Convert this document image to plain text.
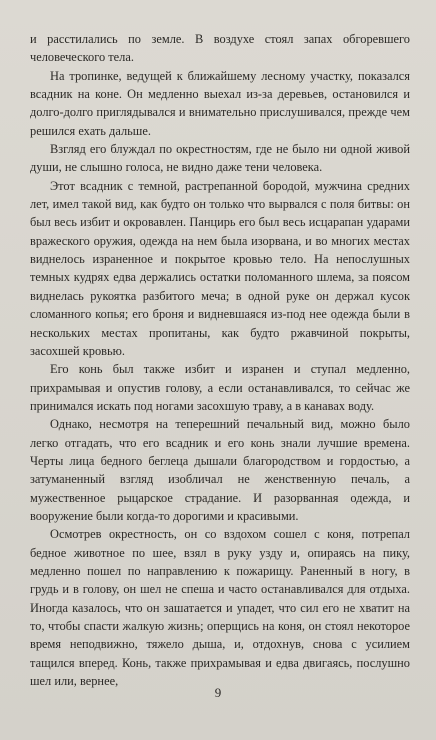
и расстилались по земле. В воздухе стоял запах обгоревшего человеческого тела.

На тропинке, ведущей к ближайшему лесному участку, показался всадник на коне. Он медленно выехал из-за деревьев, остановился и долго-долго приглядывался и внимательно прислушивался, прежде чем решился ехать дальше.

Взгляд его блуждал по окрестностям, где не было ни одной живой души, не слышно голоса, не видно даже тени человека.

Этот всадник с темной, растрепанной бородой, мужчина средних лет, имел такой вид, как будто он только что вырвался с поля битвы: он был весь избит и окровавлен. Панцирь его был весь исцарапан ударами вражеского оружия, одежда на нем была изорвана, и во многих местах виднелось израненное и покрытое кровью тело. На непослушных темных кудрях едва держались остатки поломанного шлема, за поясом виднелась рукоятка разбитого меча; в одной руке он держал кусок сломанного копья; его броня и видневшаяся из-под нее одежда были в нескольких местах пропитаны, как будто ржавчиной покрыты, засохшей кровью.

Его конь был также избит и изранен и ступал медленно, прихрамывая и опустив голову, а если останавливался, то сейчас же принимался искать под ногами засохшую траву, а в канавах воду.

Однако, несмотря на теперешний печальный вид, можно было легко отгадать, что его всадник и его конь знали лучшие времена. Черты лица бедного беглеца дышали благородством и гордостью, а затуманенный взгляд изобличал не женственную печаль, а мужественное рыцарское страдание. И разорванная одежда, и вооружение были когда-то дорогими и красивыми.

Осмотрев окрестность, он со вздохом сошел с коня, потрепал бедное животное по шее, взял в руку узду и, опираясь на пику, медленно пошел по направлению к пожарищу. Раненный в ногу, в грудь и в голову, он шел не спеша и часто останавливался для отдыха. Иногда казалось, что он зашатается и упадет, что сил его не хватит на то, чтобы спасти жалкую жизнь; оперщись на коня, он стоял некоторое время неподвижно, тяжело дыша, и, отдохнув, снова с усилием тащился вперед. Конь, также прихрамывая и едва двигаясь, послушно шел или, вернее,

9
